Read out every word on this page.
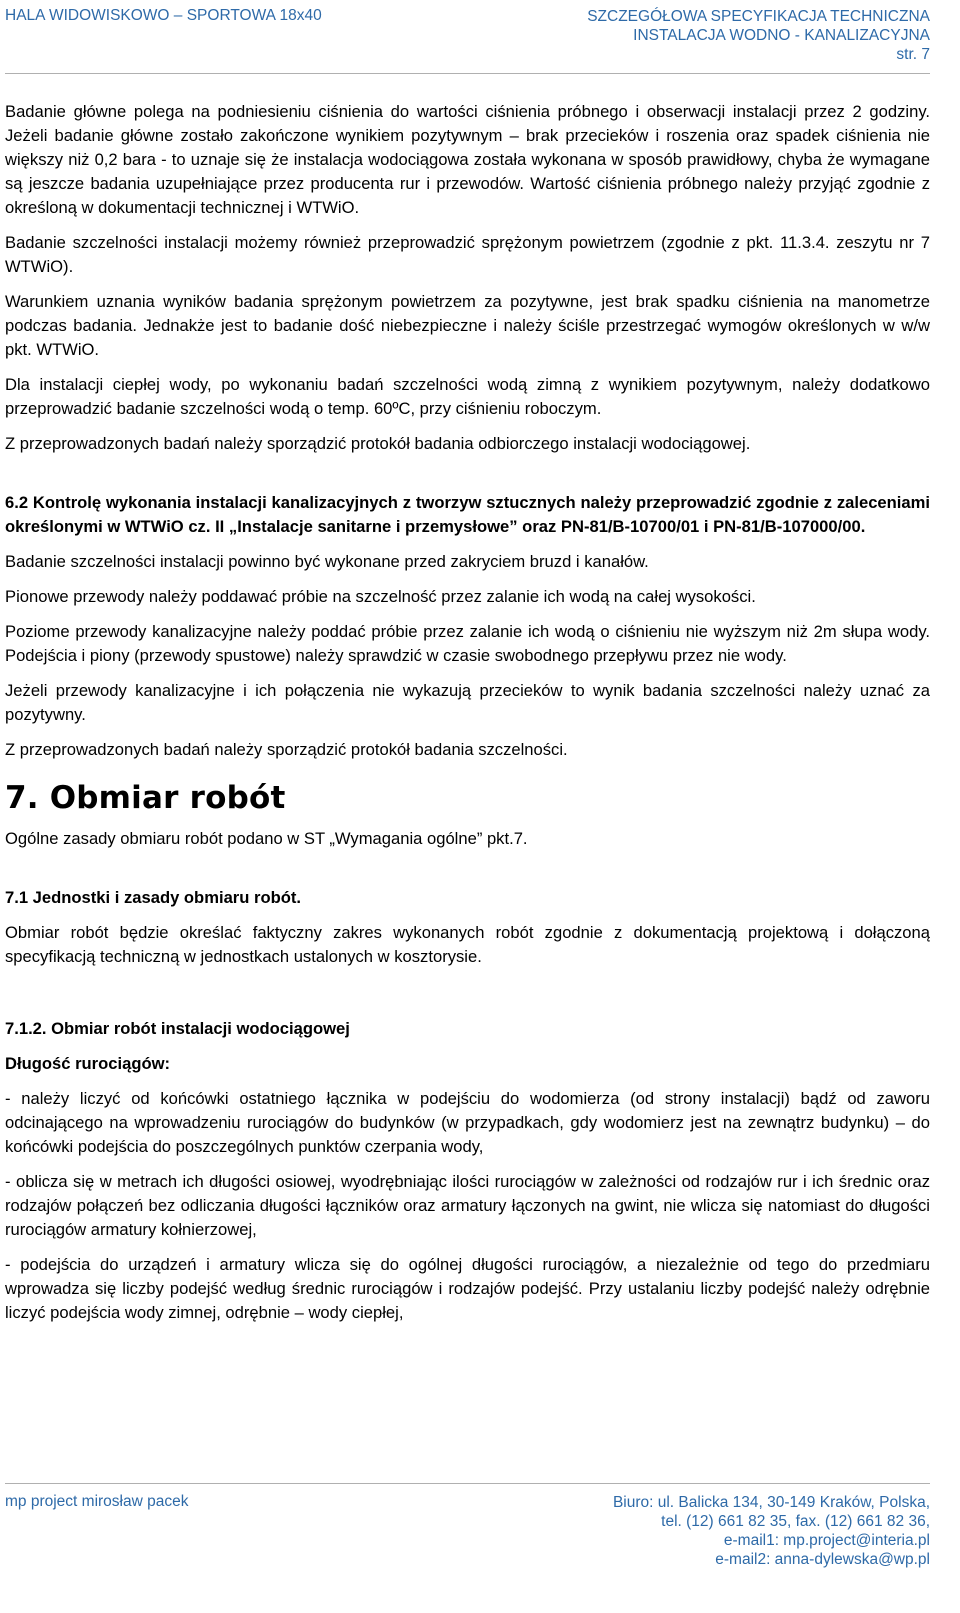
HALA WIDOWISKOWO – SPORTOWA 18x40	SZCZEGÓŁOWA SPECYFIKACJA TECHNICZNA
INSTALACJA WODNO - KANALIZACYJNA
str. 7

Badanie główne polega na podniesieniu ciśnienia do wartości ciśnienia próbnego i obserwacji instalacji przez 2 godziny. Jeżeli badanie główne zostało zakończone wynikiem pozytywnym – brak przecieków i roszenia oraz spadek ciśnienia nie większy niż 0,2 bara - to uznaje się że instalacja wodociągowa została wykonana w sposób prawidłowy, chyba że wymagane są jeszcze badania uzupełniające przez producenta rur i przewodów. Wartość ciśnienia próbnego należy przyjąć zgodnie z określoną w dokumentacji technicznej i WTWiO.

Badanie szczelności instalacji możemy również przeprowadzić sprężonym powietrzem (zgodnie z pkt. 11.3.4. zeszytu nr 7 WTWiO).

Warunkiem uznania wyników badania sprężonym powietrzem za pozytywne, jest brak spadku ciśnienia na manometrze podczas badania. Jednakże jest to badanie dość niebezpieczne i należy ściśle przestrzegać wymogów określonych w w/w pkt. WTWiO.

Dla instalacji ciepłej wody, po wykonaniu badań szczelności wodą zimną z wynikiem pozytywnym, należy dodatkowo przeprowadzić badanie szczelności wodą o temp. 60ºC, przy ciśnieniu roboczym.

Z przeprowadzonych badań należy sporządzić protokół badania odbiorczego instalacji wodociągowej.

6.2 Kontrolę wykonania instalacji kanalizacyjnych z tworzyw sztucznych należy przeprowadzić zgodnie z zaleceniami określonymi w WTWiO cz. II „Instalacje sanitarne i przemysłowe” oraz PN-81/B-10700/01 i PN-81/B-107000/00.

Badanie szczelności instalacji powinno być wykonane przed zakryciem bruzd i kanałów.

Pionowe przewody należy poddawać próbie na szczelność przez zalanie ich wodą na całej wysokości.

Poziome przewody kanalizacyjne należy poddać próbie przez zalanie ich wodą o ciśnieniu nie wyższym niż 2m słupa wody. Podejścia i piony (przewody spustowe) należy sprawdzić w czasie swobodnego przepływu przez nie wody.

Jeżeli przewody kanalizacyjne i ich połączenia nie wykazują przecieków to wynik badania szczelności należy uznać za pozytywny.

Z przeprowadzonych badań należy sporządzić protokół badania szczelności.

7. Obmiar robót

Ogólne zasady obmiaru robót podano w ST „Wymagania ogólne” pkt.7.

7.1 Jednostki i zasady obmiaru robót.

Obmiar robót będzie określać faktyczny zakres wykonanych robót zgodnie z dokumentacją projektową i dołączoną specyfikacją techniczną w jednostkach ustalonych w kosztorysie.

7.1.2. Obmiar robót instalacji wodociągowej
Długość rurociągów:

- należy liczyć od końcówki ostatniego łącznika w podejściu do wodomierza (od strony instalacji) bądź od zaworu odcinającego na wprowadzeniu rurociągów do budynków (w przypadkach, gdy wodomierz jest na zewnątrz budynku) – do końcówki podejścia do poszczególnych punktów czerpania wody,

- oblicza się w metrach ich długości osiowej, wyodrębniając ilości rurociągów w zależności od rodzajów rur i ich średnic oraz rodzajów połączeń bez odliczania długości łączników oraz armatury łączonych na gwint, nie wlicza się natomiast do długości rurociągów armatury kołnierzowej,

- podejścia do urządzeń i armatury wlicza się do ogólnej długości rurociągów, a niezależnie od tego do przedmiaru wprowadza się liczby podejść według średnic rurociągów i rodzajów podejść. Przy ustalaniu liczby podejść należy odrębnie liczyć podejścia wody zimnej, odrębnie – wody ciepłej,

mp project mirosław pacek	Biuro: ul. Balicka 134, 30-149 Kraków, Polska,
tel. (12) 661 82 35, fax. (12) 661 82 36,
e-mail1: mp.project@interia.pl
e-mail2: anna-dylewska@wp.pl
